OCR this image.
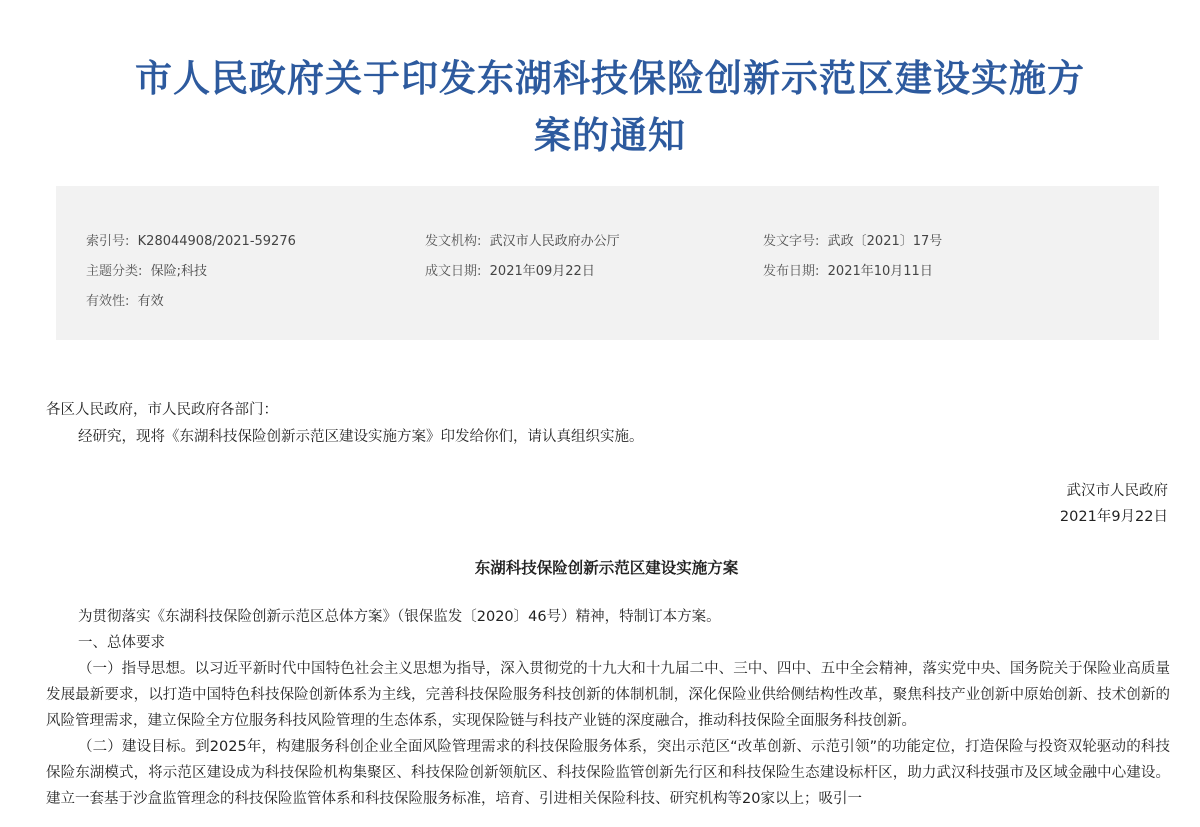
市人民政府关于印发东湖科技保险创新示范区建设实施方
案的通知
索引号: K28044908/2021-59276	发文机构: 武汉市人民政府办公厅	发文字号: 武政〔2021〕17号
主题分类: 保险;科技	成文日期: 2021年09月22日	发布日期: 2021年10月11日
有效性: 有效
各区人民政府，市人民政府各部门：
经研究，现将《东湖科技保险创新示范区建设实施方案》印发给你们，请认真组织实施。
武汉市人民政府
2021年9月22日
东湖科技保险创新示范区建设实施方案

为贯彻落实《东湖科技保险创新示范区总体方案》（银保监发〔2020〕46号）精神，特制订本方案。

一、总体要求

（一）指导思想。以习近平新时代中国特色社会主义思想为指导，深入贯彻党的十九大和十九届二中、三中、四中、五中全会精神，落实党中央、国务院关于保险业高质量发展最新要求，以打造中国特色科技保险创新体系为主线，完善科技保险服务科技创新的体制机制，深化保险业供给侧结构性改革，聚焦科技产业创新中原始创新、技术创新的风险管理需求，建立保险全方位服务科技风险管理的生态体系，实现保险链与科技产业链的深度融合，推动科技保险全面服务科技创新。

（二）建设目标。到2025年，构建服务科创企业全面风险管理需求的科技保险服务体系，突出示范区“改革创新、示范引领”的功能定位，打造保险与投资双轮驱动的科技保险东湖模式，将示范区建设成为科技保险机构集聚区、科技保险创新领航区、科技保险监管创新先行区和科技保险生态建设标杆区，助力武汉科技强市及区域金融中心建设。建立一套基于沙盒监管理念的科技保险监管体系和科技保险服务标准，培育、引进相关保险科技、研究机构等20家以上；吸引一
